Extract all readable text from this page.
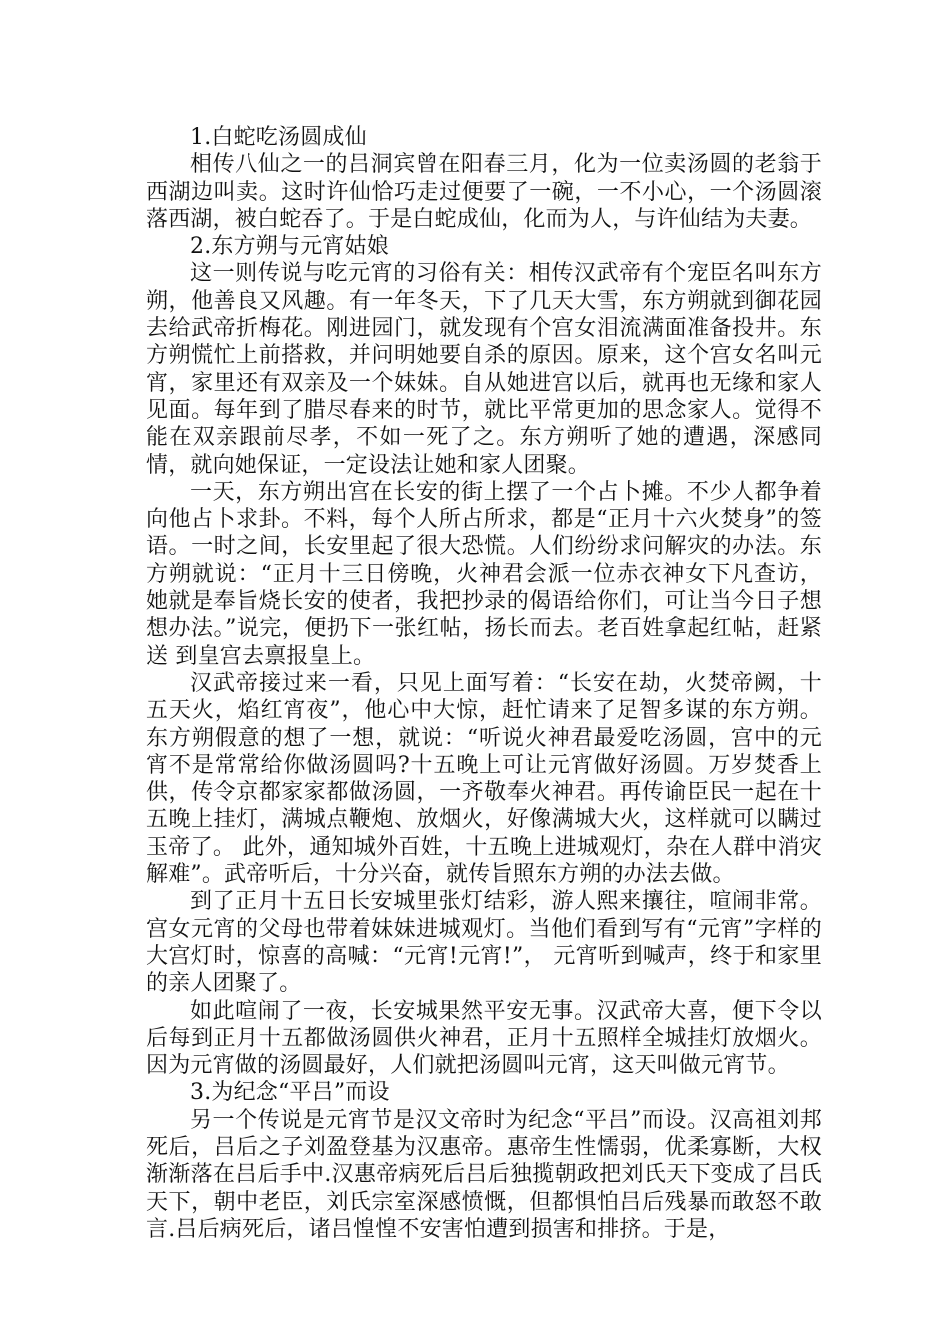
1.白蛇吃汤圆成仙

相传八仙之一的吕洞宾曾在阳春三月，化为一位卖汤圆的老翁于西湖边叫卖。这时许仙恰巧走过便要了一碗，一不小心，一个汤圆滚落西湖，被白蛇吞了。于是白蛇成仙，化而为人，与许仙结为夫妻。

2.东方朔与元宵姑娘

这一则传说与吃元宵的习俗有关：相传汉武帝有个宠臣名叫东方朔，他善良又风趣。有一年冬天，下了几天大雪，东方朔就到御花园去给武帝折梅花。刚进园门，就发现有个宫女泪流满面准备投井。东方朔慌忙上前搭救，并问明她要自杀的原因。原来，这个宫女名叫元宵，家里还有双亲及一个妹妹。自从她进宫以后，就再也无缘和家人见面。每年到了腊尽春来的时节，就比平常更加的思念家人。觉得不能在双亲跟前尽孝，不如一死了之。东方朔听了她的遭遇，深感同情，就向她保证，一定设法让她和家人团聚。

一天，东方朔出宫在长安的街上摆了一个占卜摊。不少人都争着向他占卜求卦。不料，每个人所占所求，都是“正月十六火焚身”的签语。一时之间，长安里起了很大恐慌。人们纷纷求问解灾的办法。东方朔就说：“正月十三日傍晚，火神君会派一位赤衣神女下凡查访，她就是奉旨烧长安的使者，我把抄录的偈语给你们，可让当今日子想想办法。”说完，便扔下一张红帖，扬长而去。老百姓拿起红帖，赶紧送 到皇宫去禀报皇上。

汉武帝接过来一看，只见上面写着：“长安在劫，火焚帝阙，十五天火，焰红宵夜”，他心中大惊，赶忙请来了足智多谋的东方朔。东方朔假意的想了一想，就说：“听说火神君最爱吃汤圆，宫中的元宵不是常常给你做汤圆吗?十五晚上可让元宵做好汤圆。万岁焚香上供，传令京都家家都做汤圆，一齐敬奉火神君。再传谕臣民一起在十五晚上挂灯，满城点鞭炮、放烟火，好像满城大火，这样就可以瞒过玉帝了。 此外，通知城外百姓，十五晚上进城观灯，杂在人群中消灾解难”。武帝听后，十分兴奋，就传旨照东方朔的办法去做。

到了正月十五日长安城里张灯结彩，游人熙来攘往，喧闹非常。宫女元宵的父母也带着妹妹进城观灯。当他们看到写有“元宵”字样的大宫灯时，惊喜的高喊：“元宵!元宵!”， 元宵听到喊声，终于和家里的亲人团聚了。

如此喧闹了一夜，长安城果然平安无事。汉武帝大喜，便下令以后每到正月十五都做汤圆供火神君，正月十五照样全城挂灯放烟火。因为元宵做的汤圆最好，人们就把汤圆叫元宵，这天叫做元宵节。

3.为纪念“平吕”而设

另一个传说是元宵节是汉文帝时为纪念“平吕”而设。汉高祖刘邦死后，吕后之子刘盈登基为汉惠帝。惠帝生性懦弱，优柔寡断，大权渐渐落在吕后手中.汉惠帝病死后吕后独揽朝政把刘氏天下变成了吕氏天下，朝中老臣，刘氏宗室深感愤慨，但都惧怕吕后残暴而敢怒不敢言.吕后病死后，诸吕惶惶不安害怕遭到损害和排挤。于是，
